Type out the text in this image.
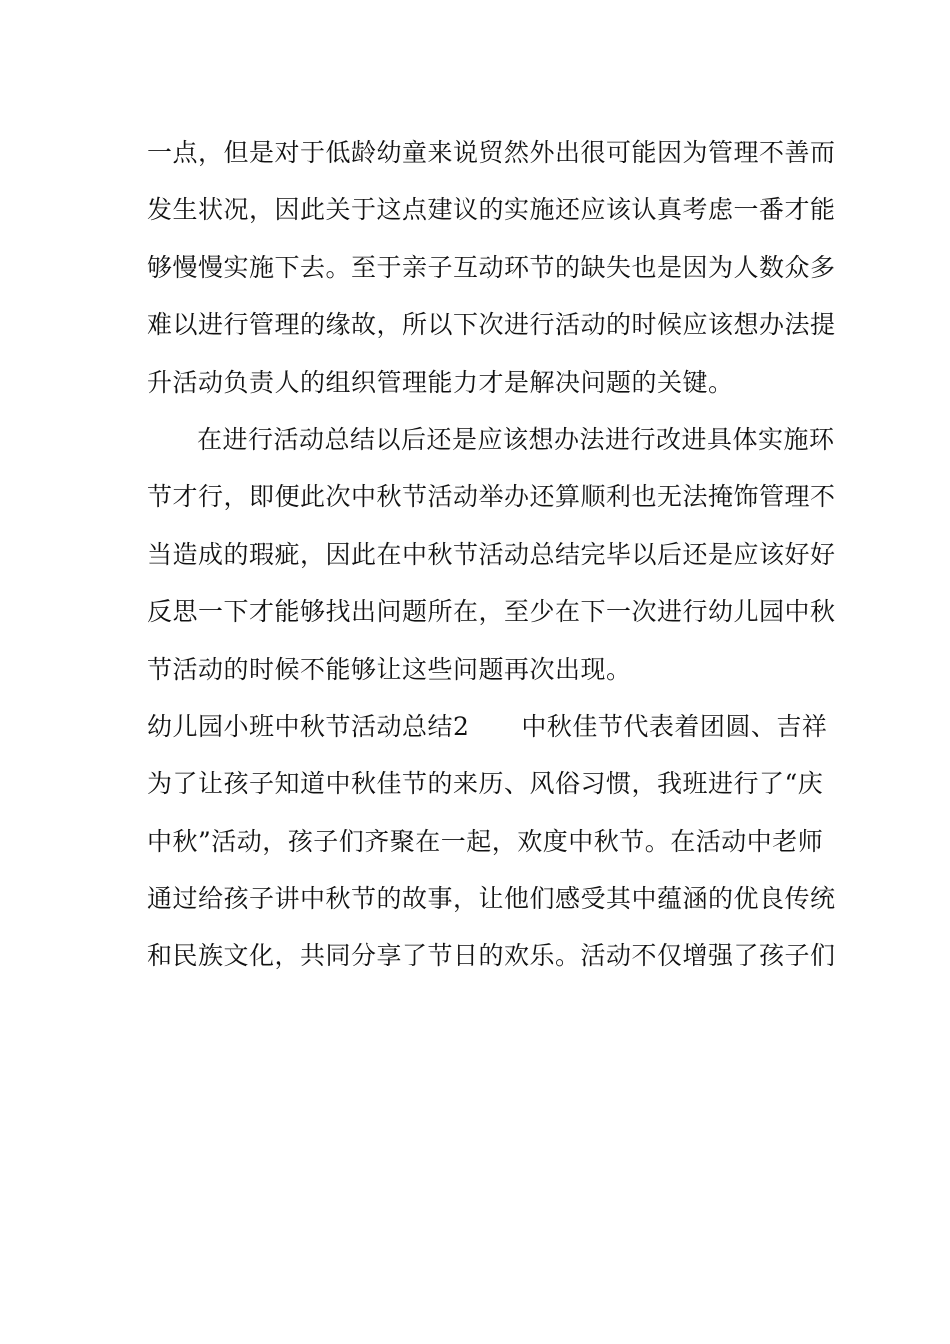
一点，但是对于低龄幼童来说贸然外出很可能因为管理不善而
发生状况，因此关于这点建议的实施还应该认真考虑一番才能
够慢慢实施下去。至于亲子互动环节的缺失也是因为人数众多
难以进行管理的缘故，所以下次进行活动的时候应该想办法提
升活动负责人的组织管理能力才是解决问题的关键。
在进行活动总结以后还是应该想办法进行改进具体实施环
节才行，即便此次中秋节活动举办还算顺利也无法掩饰管理不
当造成的瑕疵，因此在中秋节活动总结完毕以后还是应该好好
反思一下才能够找出问题所在，至少在下一次进行幼儿园中秋
节活动的时候不能够让这些问题再次出现。
幼儿园小班中秋节活动总结2 中秋佳节代表着团圆、吉祥
为了让孩子知道中秋佳节的来历、风俗习惯，我班进行了“庆
中秋”活动，孩子们齐聚在一起，欢度中秋节。在活动中老师
通过给孩子讲中秋节的故事，让他们感受其中蕴涵的优良传统
和民族文化，共同分享了节日的欢乐。活动不仅增强了孩子们
